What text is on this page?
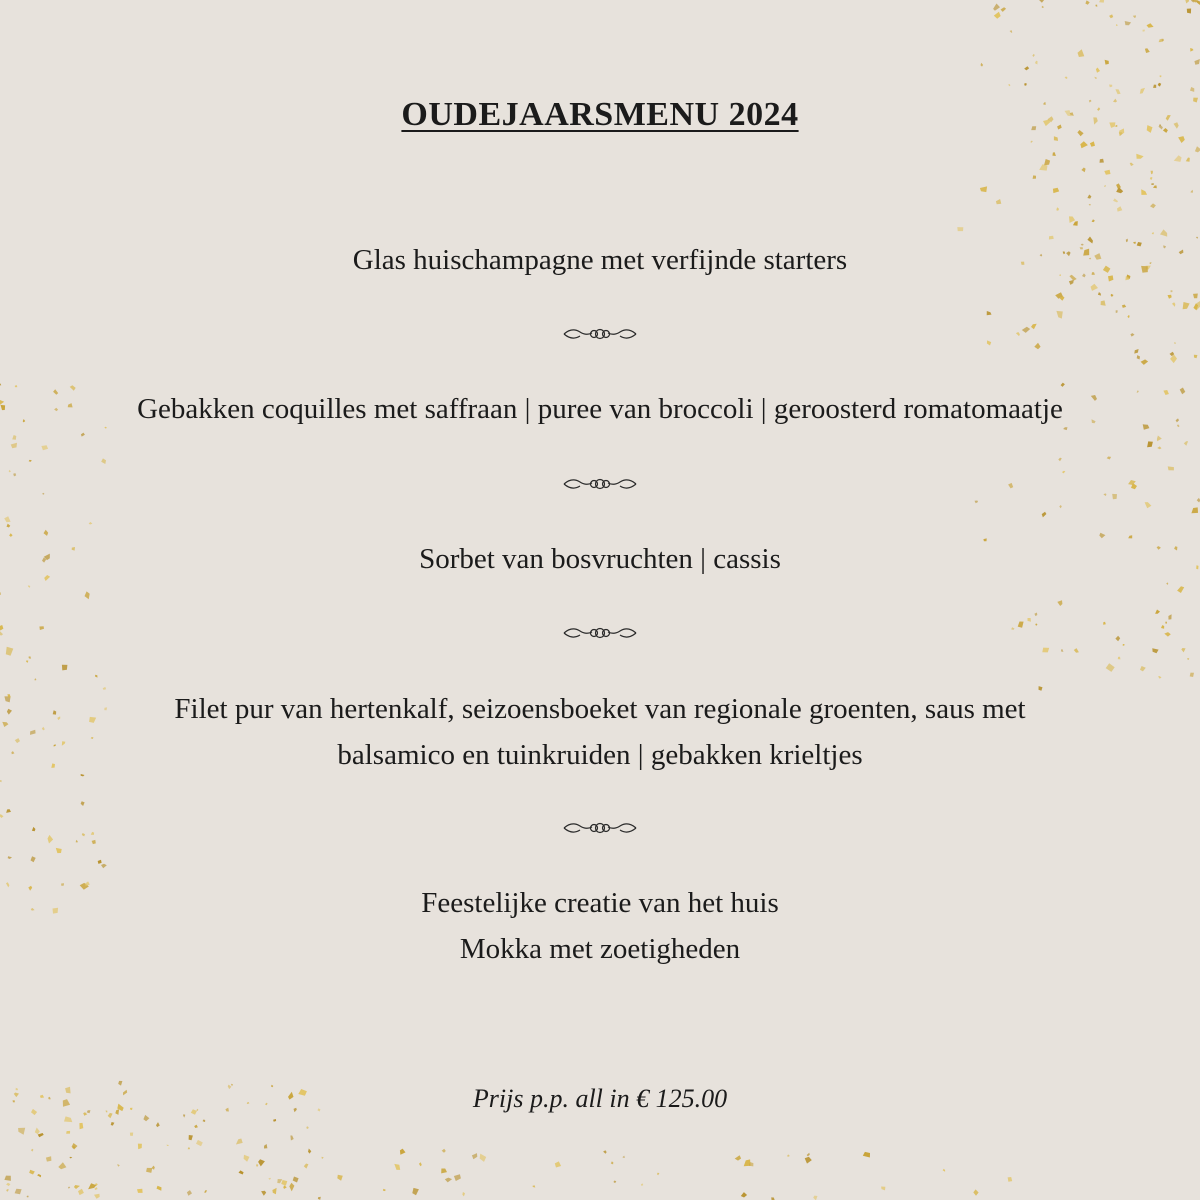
OUDEJAARSMENU 2024
Glas huischampagne met verfijnde starters
Gebakken coquilles met saffraan | puree van broccoli | geroosterd romatomaatje
Sorbet van bosvruchten | cassis
Filet pur van hertenkalf, seizoensboeket van regionale groenten, saus met
balsamico en tuinkruiden | gebakken krieltjes
Feestelijke creatie van het huis
Mokka met zoetigheden
Prijs p.p. all in € 125.00
